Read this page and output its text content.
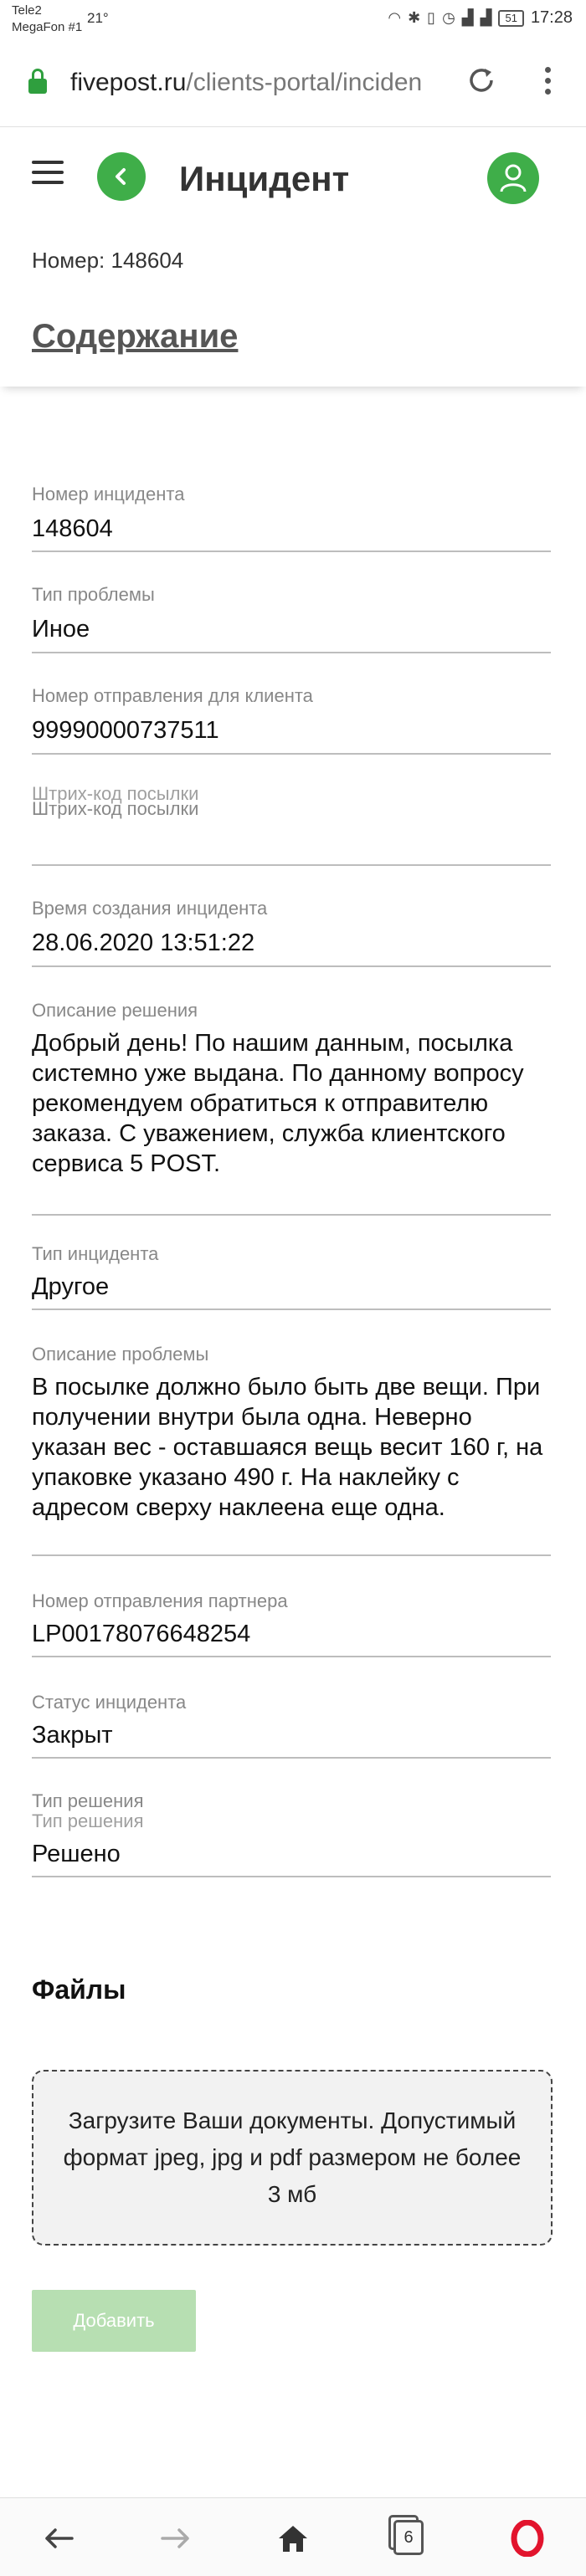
Tele2
MegaFon #1
21°	◠ ✱ ▯ ◷ ▟ ▟	51 17:28
fivepost.ru/clients-portal/inciden
Инцидент
Номер: 148604
Содержание
Номер инцидента
148604
Тип проблемы
Иное
Номер отправления для клиента
99990000737511
Штрих-код посылки
Штрих-код посылки
Время создания инцидента
28.06.2020 13:51:22
Описание решения
Добрый день! По нашим данным, посылка системно уже выдана. По данному вопросу рекомендуем обратиться к отправителю заказа. С уважением, служба клиентского сервиса 5 POST.
Тип инцидента
Другое
Описание проблемы
В посылке должно было быть две вещи. При получении внутри была одна. Неверно указан вес - оставшаяся вещь весит 160 г, на упаковке указано 490 г. На наклейку с адресом сверху наклеена еще одна.
Номер отправления партнера
LP00178076648254
Статус инцидента
Закрыт
Тип решения
Тип решения
Решено
Файлы
Загрузите Ваши документы. Допустимый формат jpeg, jpg и pdf размером не более 3 мб
Добавить
6
